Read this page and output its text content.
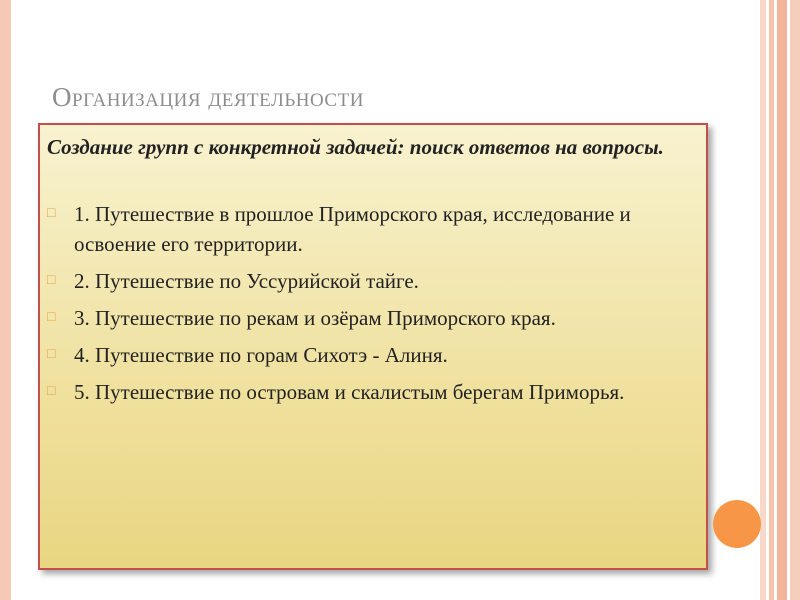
Организация деятельности

Создание групп с конкретной задачей: поиск ответов на вопросы.

□ 1. Путешествие в прошлое Приморского края, исследование и освоение его территории.
□ 2. Путешествие по Уссурийской тайге.
□ 3. Путешествие по рекам и озёрам Приморского края.
□ 4. Путешествие по горам Сихотэ - Алиня.
□ 5. Путешествие по островам и скалистым берегам Приморья.
